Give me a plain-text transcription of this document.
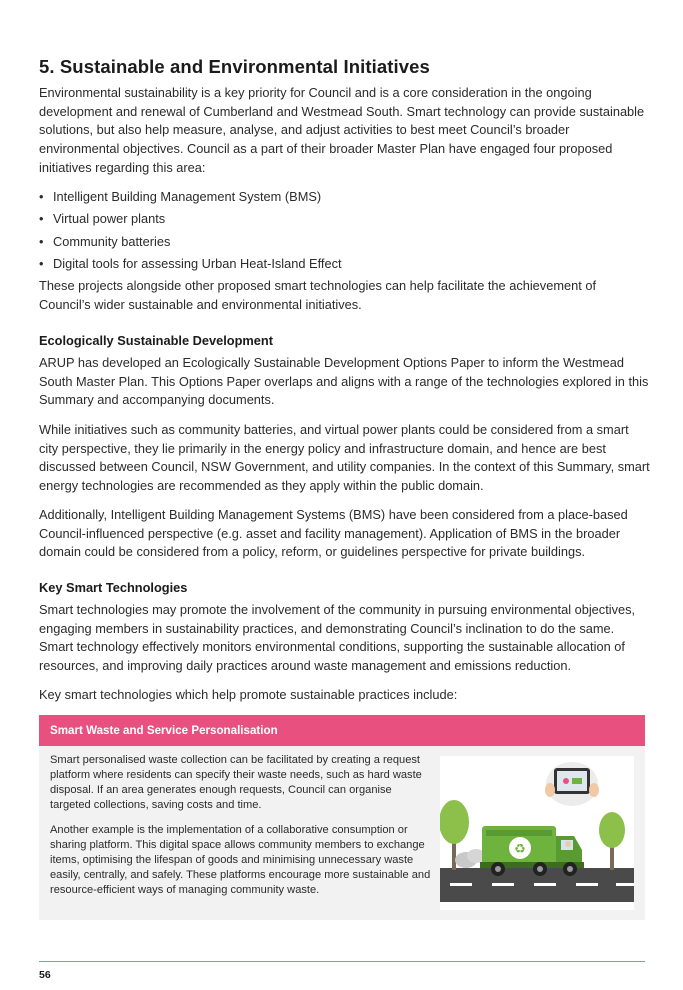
5. Sustainable and Environmental Initiatives

Environmental sustainability is a key priority for Council and is a core consideration in the ongoing development and renewal of Cumberland and Westmead South. Smart technology can provide sustainable solutions, but also help measure, analyse, and adjust activities to best meet Council’s broader environmental objectives. Council as a part of their broader Master Plan have engaged four proposed initiatives regarding this area:

• Intelligent Building Management System (BMS)
• Virtual power plants
• Community batteries
• Digital tools for assessing Urban Heat-Island Effect

These projects alongside other proposed smart technologies can help facilitate the achievement of Council’s wider sustainable and environmental initiatives.

Ecologically Sustainable Development

ARUP has developed an Ecologically Sustainable Development Options Paper to inform the Westmead South Master Plan. This Options Paper overlaps and aligns with a range of the technologies explored in this Summary and accompanying documents.

While initiatives such as community batteries, and virtual power plants could be considered from a smart city perspective, they lie primarily in the energy policy and infrastructure domain, and hence are best discussed between Council, NSW Government, and utility companies. In the context of this Summary, smart energy technologies are recommended as they apply within the public domain.

Additionally, Intelligent Building Management Systems (BMS) have been considered from a place-based Council-influenced perspective (e.g. asset and facility management). Application of BMS in the broader domain could be considered from a policy, reform, or guidelines perspective for private buildings.

Key Smart Technologies

Smart technologies may promote the involvement of the community in pursuing environmental objectives, engaging members in sustainability practices, and demonstrating Council’s inclination to do the same. Smart technology effectively monitors environmental conditions, supporting the sustainable allocation of resources, and improving daily practices around waste management and emissions reduction.

Key smart technologies which help promote sustainable practices include:

Smart Waste and Service Personalisation

Smart personalised waste collection can be facilitated by creating a request platform where residents can specify their waste needs, such as hard waste disposal. If an area generates enough requests, Council can organise targeted collections, saving costs and time.

Another example is the implementation of a collaborative consumption or sharing platform. This digital space allows community members to exchange items, optimising the lifespan of goods and minimising unnecessary waste easily, centrally, and safely. These platforms encourage more sustainable and resource-efficient ways of managing community waste.

♻
56
